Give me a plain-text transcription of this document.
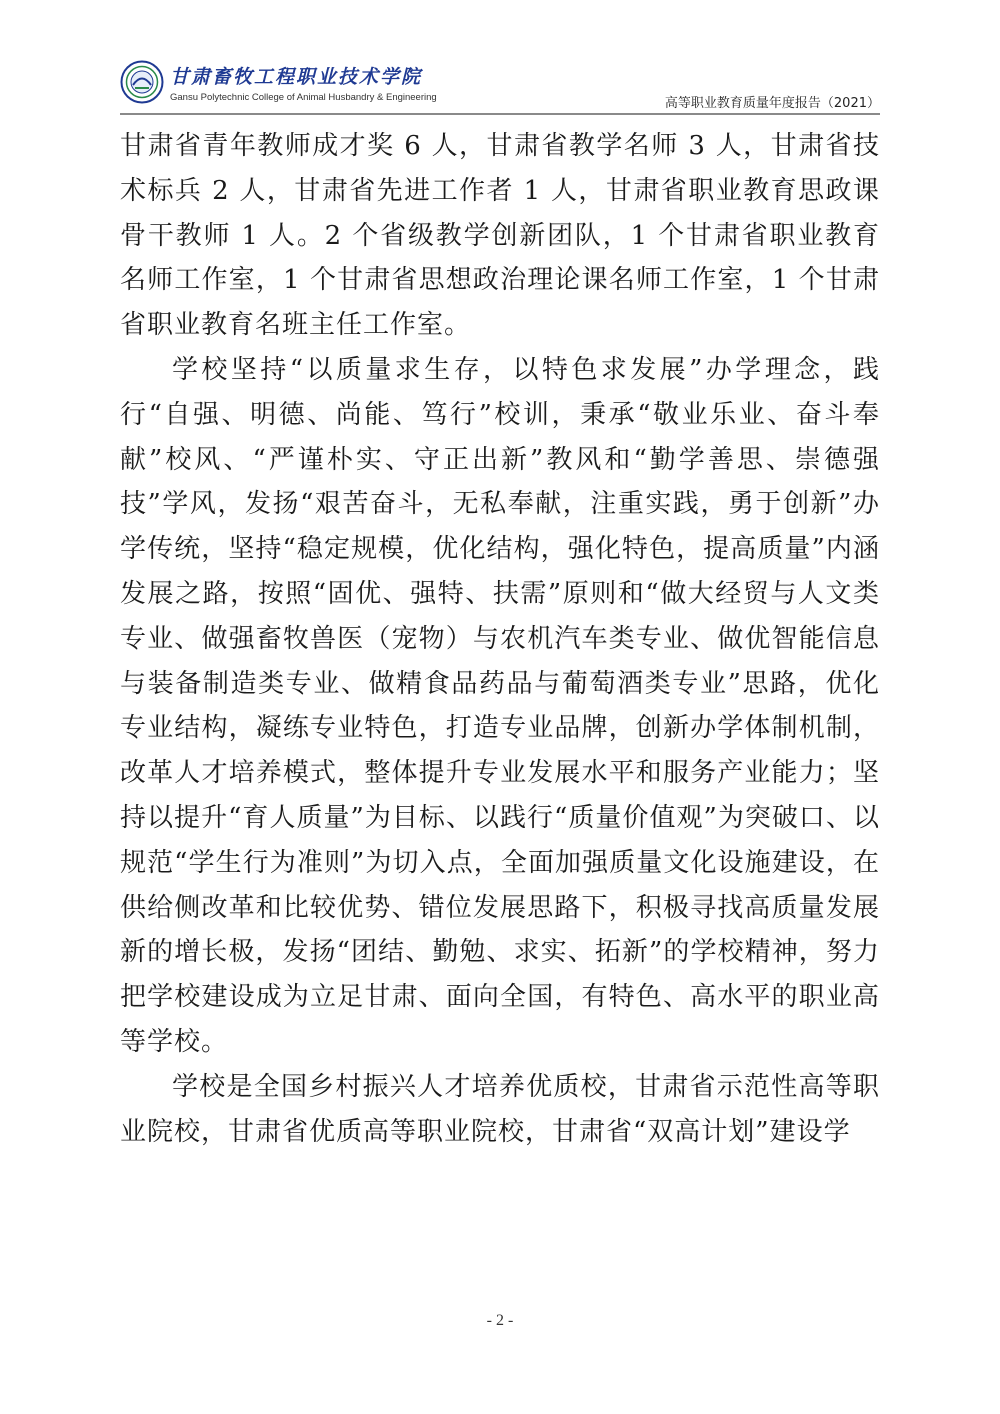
甘肃畜牧工程职业技术学院
Gansu Polytechnic College of Animal Husbandry & Engineering	高等职业教育质量年度报告（2021）

甘肃省青年教师成才奖 6 人，甘肃省教学名师 3 人，甘肃省技术标兵 2 人，甘肃省先进工作者 1 人，甘肃省职业教育思政课骨干教师 1 人。2 个省级教学创新团队，1 个甘肃省职业教育名师工作室，1 个甘肃省思想政治理论课名师工作室，1 个甘肃省职业教育名班主任工作室。

学校坚持“以质量求生存，以特色求发展”办学理念，践行“自强、明德、尚能、笃行”校训，秉承“敬业乐业、奋斗奉献”校风、“严谨朴实、守正出新”教风和“勤学善思、崇德强技”学风，发扬“艰苦奋斗，无私奉献，注重实践，勇于创新”办学传统，坚持“稳定规模，优化结构，强化特色，提高质量”内涵发展之路，按照“固优、强特、扶需”原则和“做大经贸与人文类专业、做强畜牧兽医（宠物）与农机汽车类专业、做优智能信息与装备制造类专业、做精食品药品与葡萄酒类专业”思路，优化专业结构，凝练专业特色，打造专业品牌，创新办学体制机制，改革人才培养模式，整体提升专业发展水平和服务产业能力；坚持以提升“育人质量”为目标、以践行“质量价值观”为突破口、以规范“学生行为准则”为切入点，全面加强质量文化设施建设，在供给侧改革和比较优势、错位发展思路下，积极寻找高质量发展新的增长极，发扬“团结、勤勉、求实、拓新”的学校精神，努力把学校建设成为立足甘肃、面向全国，有特色、高水平的职业高等学校。

学校是全国乡村振兴人才培养优质校，甘肃省示范性高等职业院校，甘肃省优质高等职业院校，甘肃省“双高计划”建设学

- 2 -
